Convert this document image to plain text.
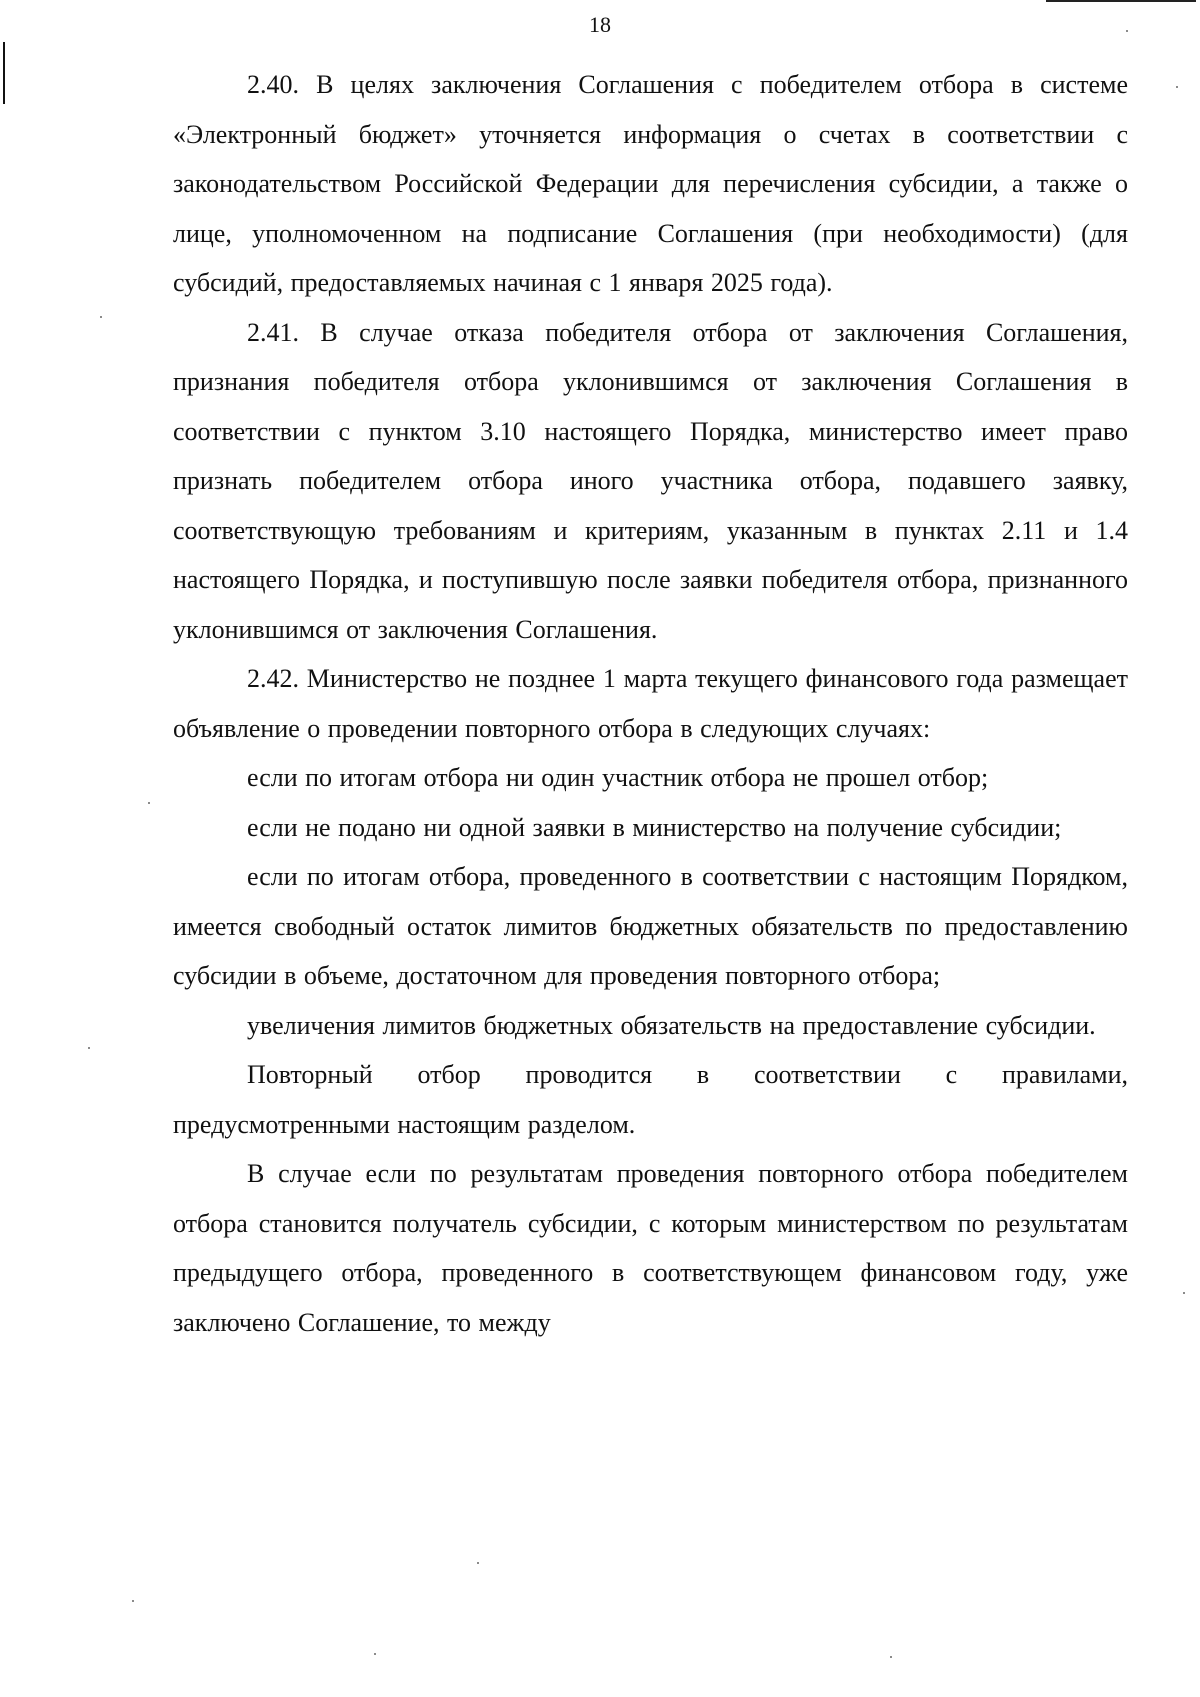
18

2.40. В целях заключения Соглашения с победителем отбора в системе «Электронный бюджет» уточняется информация о счетах в соответствии с законодательством Российской Федерации для перечисления субсидии, а также о лице, уполномоченном на подписание Соглашения (при необходимости) (для субсидий, предоставляемых начиная с 1 января 2025 года).

2.41. В случае отказа победителя отбора от заключения Соглашения, признания победителя отбора уклонившимся от заключения Соглашения в соответствии с пунктом 3.10 настоящего Порядка, министерство имеет право признать победителем отбора иного участника отбора, подавшего заявку, соответствующую требованиям и критериям, указанным в пунктах 2.11 и 1.4 настоящего Порядка, и поступившую после заявки победителя отбора, признанного уклонившимся от заключения Соглашения.

2.42. Министерство не позднее 1 марта текущего финансового года размещает объявление о проведении повторного отбора в следующих случаях:

если по итогам отбора ни один участник отбора не прошел отбор;

если не подано ни одной заявки в министерство на получение субсидии;

если по итогам отбора, проведенного в соответствии с настоящим Порядком, имеется свободный остаток лимитов бюджетных обязательств по предоставлению субсидии в объеме, достаточном для проведения повторного отбора;

увеличения лимитов бюджетных обязательств на предоставление субсидии.

Повторный отбор проводится в соответствии с правилами, предусмотренными настоящим разделом.

В случае если по результатам проведения повторного отбора победителем отбора становится получатель субсидии, с которым министерством по результатам предыдущего отбора, проведенного в соответствующем финансовом году, уже заключено Соглашение, то между
